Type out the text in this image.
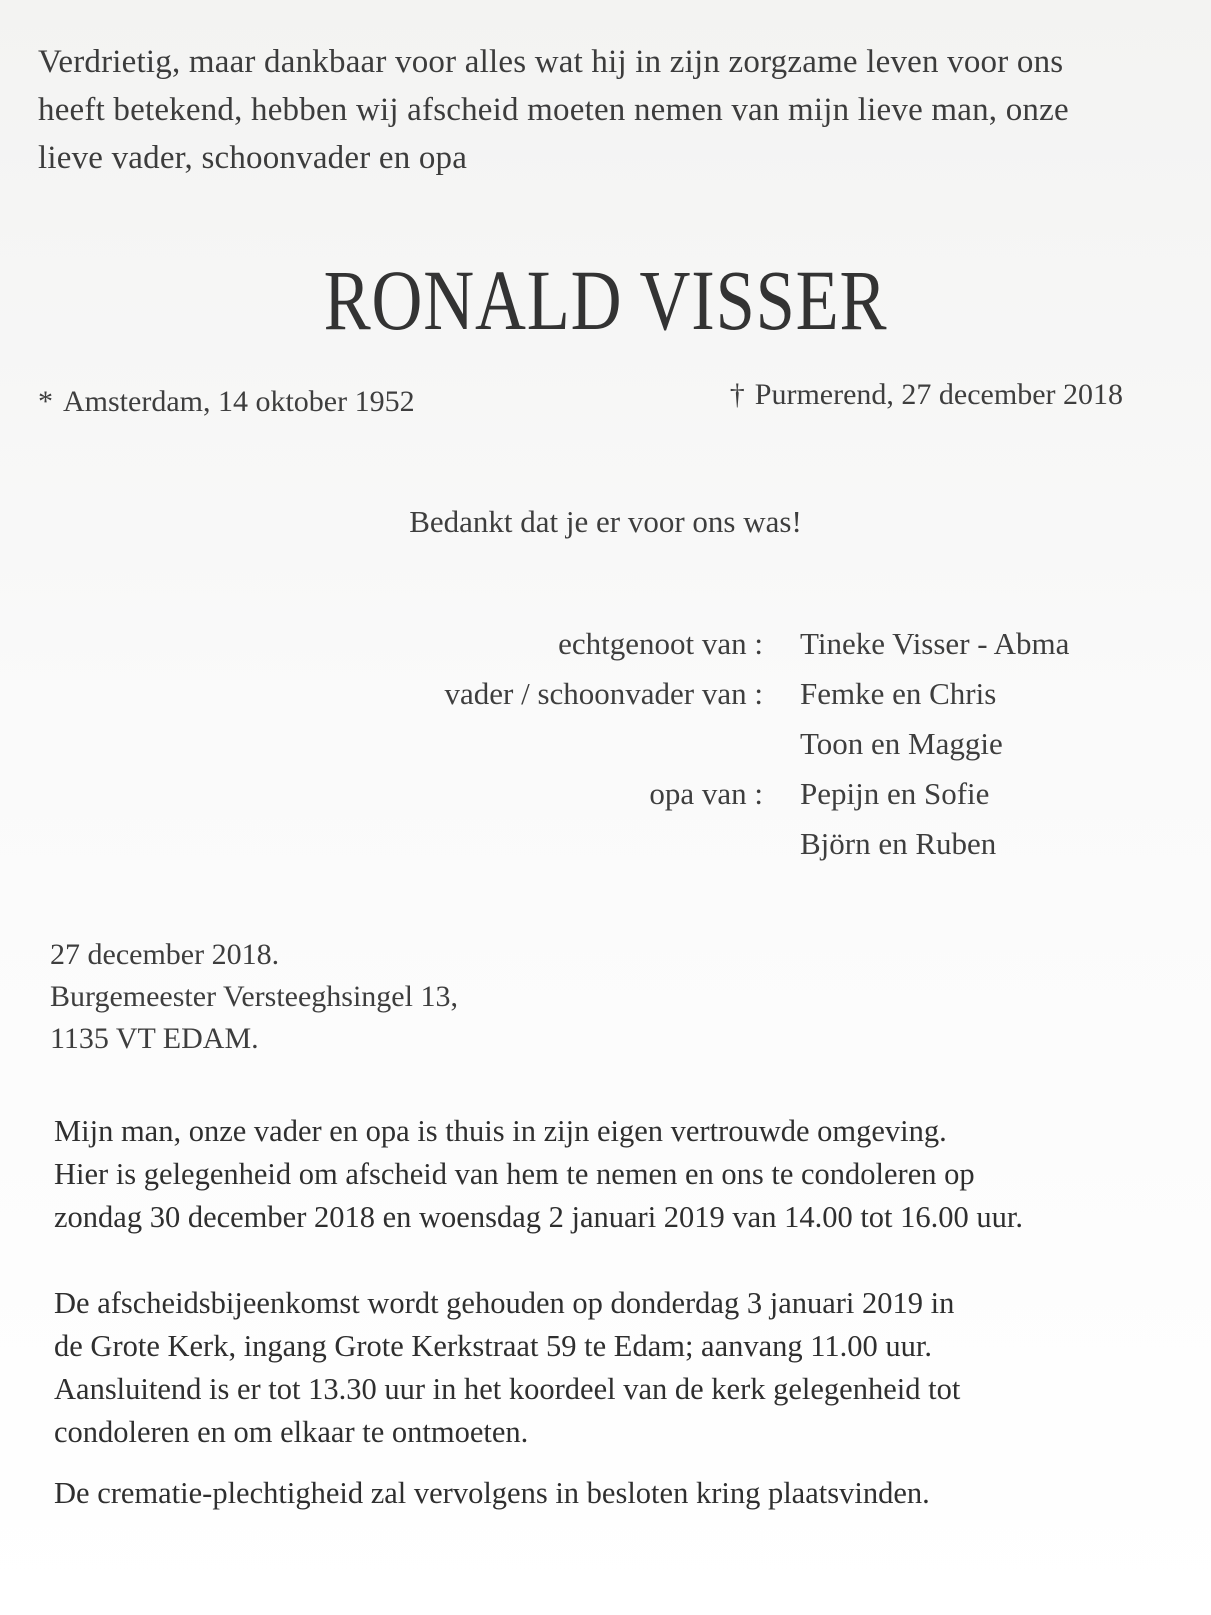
Verdrietig, maar dankbaar voor alles wat hij in zijn zorgzame leven voor ons
heeft betekend, hebben wij afscheid moeten nemen van mijn lieve man, onze
lieve vader, schoonvader en opa
RONALD VISSER
* Amsterdam, 14 oktober 1952	† Purmerend, 27 december 2018
Bedankt dat je er voor ons was!
echtgenoot van : Tineke Visser - Abma
vader / schoonvader van : Femke en Chris
Toon en Maggie
opa van : Pepijn en Sofie
Björn en Ruben
27 december 2018.
Burgemeester Versteeghsingel 13,
1135 VT EDAM.
Mijn man, onze vader en opa is thuis in zijn eigen vertrouwde omgeving.
Hier is gelegenheid om afscheid van hem te nemen en ons te condoleren op
zondag 30 december 2018 en woensdag 2 januari 2019 van 14.00 tot 16.00 uur.
De afscheidsbijeenkomst wordt gehouden op donderdag 3 januari 2019 in
de Grote Kerk, ingang Grote Kerkstraat 59 te Edam; aanvang 11.00 uur.
Aansluitend is er tot 13.30 uur in het koordeel van de kerk gelegenheid tot
condoleren en om elkaar te ontmoeten.
De crematie-plechtigheid zal vervolgens in besloten kring plaatsvinden.
